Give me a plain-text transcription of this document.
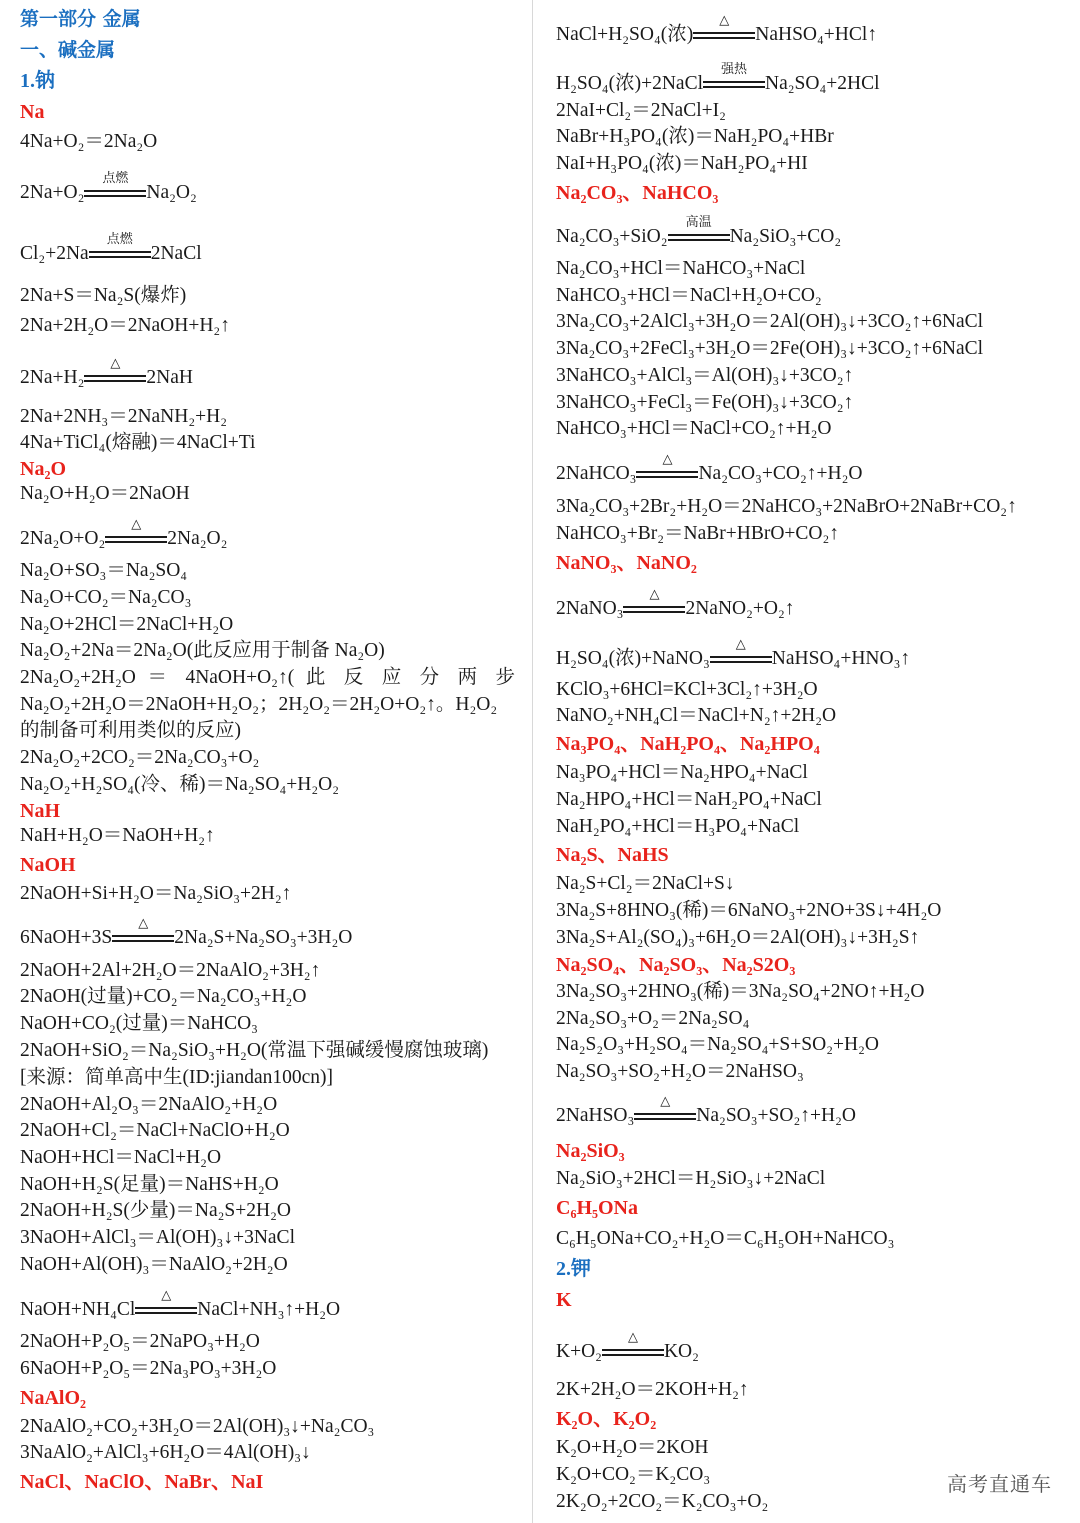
第一部分 金属
一、碱金属
1.钠
Na
4Na+O₂＝2Na₂O
2Na+O₂
点燃
Na₂O₂
Cl₂+2Na
点燃
2NaCl
2Na+S＝Na₂S(爆炸)
2Na+2H₂O＝2NaOH+H₂↑
2Na+H₂
△
2NaH
2Na+2NH₃＝2NaNH₂+H₂
4Na+TiCl₄(熔融)＝4NaCl+Ti
Na₂O
Na₂O+H₂O＝2NaOH
2Na₂O+O₂
△
2Na₂O₂
Na₂O+SO₃＝Na₂SO₄
Na₂O+CO₂＝Na₂CO₃
Na₂O+2HCl＝2NaCl+H₂O
Na₂O₂+2Na＝2Na₂O(此反应用于制备 Na₂O)
2Na₂O₂+2H₂O ＝ 4NaOH+O₂↑( 此 反 应 分 两 步
Na₂O₂+2H₂O＝2NaOH+H₂O₂；2H₂O₂＝2H₂O+O₂↑。H₂O₂
的制备可利用类似的反应)
2Na₂O₂+2CO₂＝2Na₂CO₃+O₂
Na₂O₂+H₂SO₄(冷、稀)＝Na₂SO₄+H₂O₂
NaH
NaH+H₂O＝NaOH+H₂↑
NaOH
2NaOH+Si+H₂O＝Na₂SiO₃+2H₂↑
6NaOH+3S
△
2Na₂S+Na₂SO₃+3H₂O
2NaOH+2Al+2H₂O＝2NaAlO₂+3H₂↑
2NaOH(过量)+CO₂＝Na₂CO₃+H₂O
NaOH+CO₂(过量)＝NaHCO₃
2NaOH+SiO₂＝Na₂SiO₃+H₂O(常温下强碱缓慢腐蚀玻璃)
[来源：简单高中生(ID:jiandan100cn)]
2NaOH+Al₂O₃＝2NaAlO₂+H₂O
2NaOH+Cl₂＝NaCl+NaClO+H₂O
NaOH+HCl＝NaCl+H₂O
NaOH+H₂S(足量)＝NaHS+H₂O
2NaOH+H₂S(少量)＝Na₂S+2H₂O
3NaOH+AlCl₃＝Al(OH)₃↓+3NaCl
NaOH+Al(OH)₃＝NaAlO₂+2H₂O
NaOH+NH₄Cl
△
NaCl+NH₃↑+H₂O
2NaOH+P₂O₅＝2NaPO₃+H₂O
6NaOH+P₂O₅＝2Na₃PO₃+3H₂O
NaAlO₂
2NaAlO₂+CO₂+3H₂O＝2Al(OH)₃↓+Na₂CO₃
3NaAlO₂+AlCl₃+6H₂O＝4Al(OH)₃↓
NaCl、NaClO、NaBr、NaI
NaCl+H₂SO₄(浓)
△
NaHSO₄+HCl↑
H₂SO₄(浓)+2NaCl
强热
Na₂SO₄+2HCl
2NaI+Cl₂＝2NaCl+I₂
NaBr+H₃PO₄(浓)＝NaH₂PO₄+HBr
NaI+H₃PO₄(浓)＝NaH₂PO₄+HI
Na₂CO₃、NaHCO₃
Na₂CO₃+SiO₂
高温
Na₂SiO₃+CO₂
Na₂CO₃+HCl＝NaHCO₃+NaCl
NaHCO₃+HCl＝NaCl+H₂O+CO₂
3Na₂CO₃+2AlCl₃+3H₂O＝2Al(OH)₃↓+3CO₂↑+6NaCl
3Na₂CO₃+2FeCl₃+3H₂O＝2Fe(OH)₃↓+3CO₂↑+6NaCl
3NaHCO₃+AlCl₃＝Al(OH)₃↓+3CO₂↑
3NaHCO₃+FeCl₃＝Fe(OH)₃↓+3CO₂↑
NaHCO₃+HCl＝NaCl+CO₂↑+H₂O
2NaHCO₃
△
Na₂CO₃+CO₂↑+H₂O
3Na₂CO₃+2Br₂+H₂O＝2NaHCO₃+2NaBrO+2NaBr+CO₂↑
NaHCO₃+Br₂＝NaBr+HBrO+CO₂↑
NaNO₃、NaNO₂
2NaNO₃
△
2NaNO₂+O₂↑
H₂SO₄(浓)+NaNO₃
△
NaHSO₄+HNO₃↑
KClO₃+6HCl=KCl+3Cl₂↑+3H₂O
NaNO₂+NH₄Cl＝NaCl+N₂↑+2H₂O
Na₃PO₄、NaH₂PO₄、Na₂HPO₄
Na₃PO₄+HCl＝Na₂HPO₄+NaCl
Na₂HPO₄+HCl＝NaH₂PO₄+NaCl
NaH₂PO₄+HCl＝H₃PO₄+NaCl
Na₂S、NaHS
Na₂S+Cl₂＝2NaCl+S↓
3Na₂S+8HNO₃(稀)＝6NaNO₃+2NO+3S↓+4H₂O
3Na₂S+Al₂(SO₄)₃+6H₂O＝2Al(OH)₃↓+3H₂S↑
Na₂SO₄、Na₂SO₃、Na₂S2O₃
3Na₂SO₃+2HNO₃(稀)＝3Na₂SO₄+2NO↑+H₂O
2Na₂SO₃+O₂＝2Na₂SO₄
Na₂S₂O₃+H₂SO₄＝Na₂SO₄+S+SO₂+H₂O
Na₂SO₃+SO₂+H₂O＝2NaHSO₃
2NaHSO₃
△
Na₂SO₃+SO₂↑+H₂O
Na₂SiO₃
Na₂SiO₃+2HCl＝H₂SiO₃↓+2NaCl
C₆H₅ONa
C₆H₅ONa+CO₂+H₂O＝C₆H₅OH+NaHCO₃
2.钾
K
K+O₂
△
KO₂
2K+2H₂O＝2KOH+H₂↑
K₂O、K₂O₂
K₂O+H₂O＝2KOH
K₂O+CO₂＝K₂CO₃
2K₂O₂+2CO₂＝K₂CO₃+O₂
高考直通车
